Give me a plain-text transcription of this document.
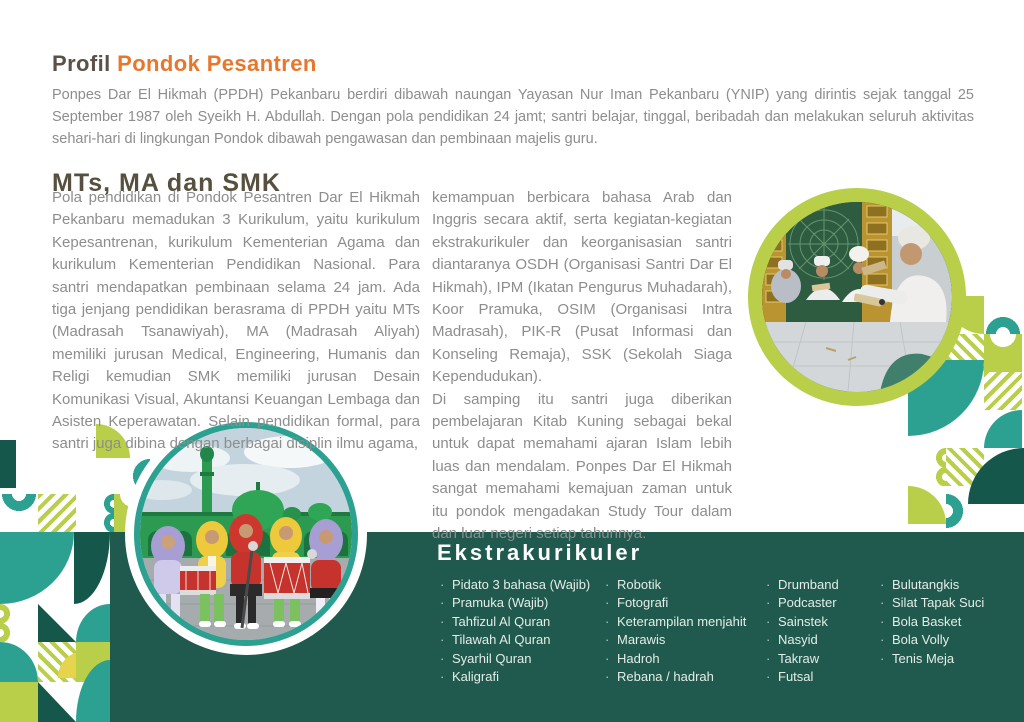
Profil Pondok Pesantren

Ponpes Dar El Hikmah (PPDH) Pekanbaru berdiri dibawah naungan Yayasan Nur Iman Pekanbaru (YNIP) yang dirintis sejak tanggal 25 September 1987 oleh Syeikh H. Abdullah. Dengan pola pendidikan 24 jamt; santri belajar, tinggal, beribadah dan melakukan seluruh aktivitas sehari-hari di lingkungan Pondok dibawah pengawasan dan pembinaan majelis guru.

MTs, MA dan SMK

Pola pendidikan di Pondok Pesantren Dar El Hikmah Pekanbaru memadukan 3 Kurikulum, yaitu kurikulum Kepesantrenan, kurikulum Kementerian Agama dan kurikulum Kementerian Pendidikan Nasional. Para santri mendapatkan pembinaan selama 24 jam. Ada tiga jenjang pendidikan berasrama di PPDH yaitu MTs (Madrasah Tsanawiyah), MA (Madrasah Aliyah) memiliki jurusan Medical, Engineering, Humanis dan Religi kemudian SMK memiliki jurusan Desain Komunikasi Visual, Akuntansi Keuangan Lembaga dan Asisten Keperawatan. Selain pendidikan formal, para santri juga dibina dengan berbagai disiplin ilmu agama,

kemampuan berbicara bahasa Arab dan Inggris secara aktif, serta kegiatan-kegiatan ekstrakurikuler dan keorganisasian santri diantaranya OSDH (Organisasi Santri Dar El Hikmah), IPM (Ikatan Pengurus Muhadarah), Koor Pramuka, OSIM (Organisasi Intra Madrasah), PIK-R (Pusat Informasi dan Konseling Remaja), SSK (Sekolah Siaga Kependudukan).

Di samping itu santri juga diberikan pembelajaran Kitab Kuning sebagai bekal untuk dapat memahami ajaran Islam lebih luas dan mendalam. Ponpes Dar El Hikmah sangat memahami kemajuan zaman untuk itu pondok mengadakan Study Tour dalam dan luar negeri setiap tahunnya.

Ekstrakurikuler
· Pidato 3 bahasa (Wajib)
· Pramuka (Wajib)
· Tahfizul Al Quran
· Tilawah Al Quran
· Syarhil Quran
· Kaligrafi
· Robotik
· Fotografi
· Keterampilan menjahit
· Marawis
· Hadroh
· Rebana / hadrah
· Drumband
· Podcaster
· Sainstek
· Nasyid
· Takraw
· Futsal
· Bulutangkis
· Silat Tapak Suci
· Bola Basket
· Bola Volly
· Tenis Meja
